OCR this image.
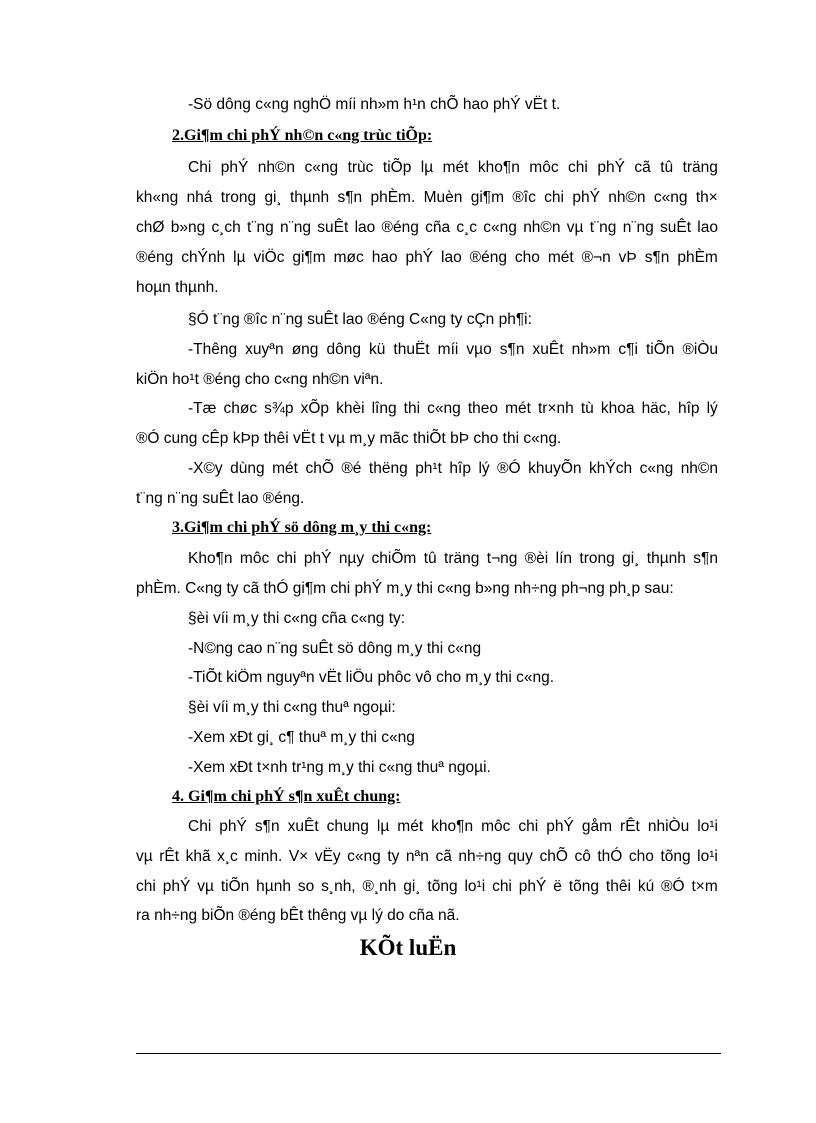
-Sö dông c«ng nghÖ míi nh»m h¹n chÕ hao phÝ vËt t.

2.Gi¶m chi phÝ nh©n c«ng trùc tiÕp:

Chi phÝ nh©n c«ng trùc tiÕp lµ mét kho¶n môc chi phÝ cã tû träng

kh«ng nhá trong gi¸ thµnh s¶n phÈm. Muèn gi¶m ®îc chi phÝ nh©n c«ng th×

chØ b»ng c¸ch t¨ng n¨ng suÊt lao ®éng cña c¸c c«ng nh©n vµ t¨ng n¨ng suÊt lao

®éng chÝnh lµ viÖc gi¶m møc hao phÝ lao ®éng cho mét ®¬n vÞ s¶n phÈm

hoµn thµnh.

§Ó t¨ng ®îc n¨ng suÊt lao ®éng C«ng ty cÇn ph¶i:

-Thêng xuyªn øng dông kü thuËt míi vµo s¶n xuÊt nh»m c¶i tiÕn ®iÒu

kiÖn ho¹t ®éng cho c«ng nh©n viªn.

-Tæ chøc s¾p xÕp khèi lîng thi c«ng theo mét tr×nh tù khoa häc, hîp lý

®Ó cung cÊp kÞp thêi vËt t vµ m¸y mãc thiÕt bÞ cho thi c«ng.

-X©y dùng mét chÕ ®é thëng ph¹t hîp lý ®Ó khuyÕn khÝch c«ng nh©n

t¨ng n¨ng suÊt lao ®éng.

3.Gi¶m chi phÝ sö dông m¸y thi c«ng:

Kho¶n môc chi phÝ nµy chiÕm tû träng t¬ng ®èi lín trong gi¸ thµnh s¶n

phÈm. C«ng ty cã thÓ gi¶m chi phÝ m¸y thi c«ng b»ng nh÷ng ph¬ng ph¸p sau:

§èi víi m¸y thi c«ng cña c«ng ty:

-N©ng cao n¨ng suÊt sö dông m¸y thi c«ng

-TiÕt kiÖm nguyªn vËt liÖu phôc vô cho m¸y thi c«ng.

§èi víi m¸y thi c«ng thuª ngoµi:

-Xem xÐt gi¸ c¶ thuª m¸y thi c«ng

-Xem xÐt t×nh tr¹ng m¸y thi c«ng thuª ngoµi.

4. Gi¶m chi phÝ s¶n xuÊt chung:

Chi phÝ s¶n xuÊt chung lµ mét kho¶n môc chi phÝ gåm rÊt nhiÒu lo¹i

vµ rÊt khã x¸c minh. V× vËy c«ng ty nªn cã nh÷ng quy chÕ cô thÓ cho tõng lo¹i

chi phÝ vµ tiÕn hµnh so s¸nh, ®¸nh gi¸ tõng lo¹i chi phÝ ë tõng thêi kú ®Ó t×m

ra nh÷ng biÕn ®éng bÊt thêng vµ lý do cña nã.

KÕt luËn
